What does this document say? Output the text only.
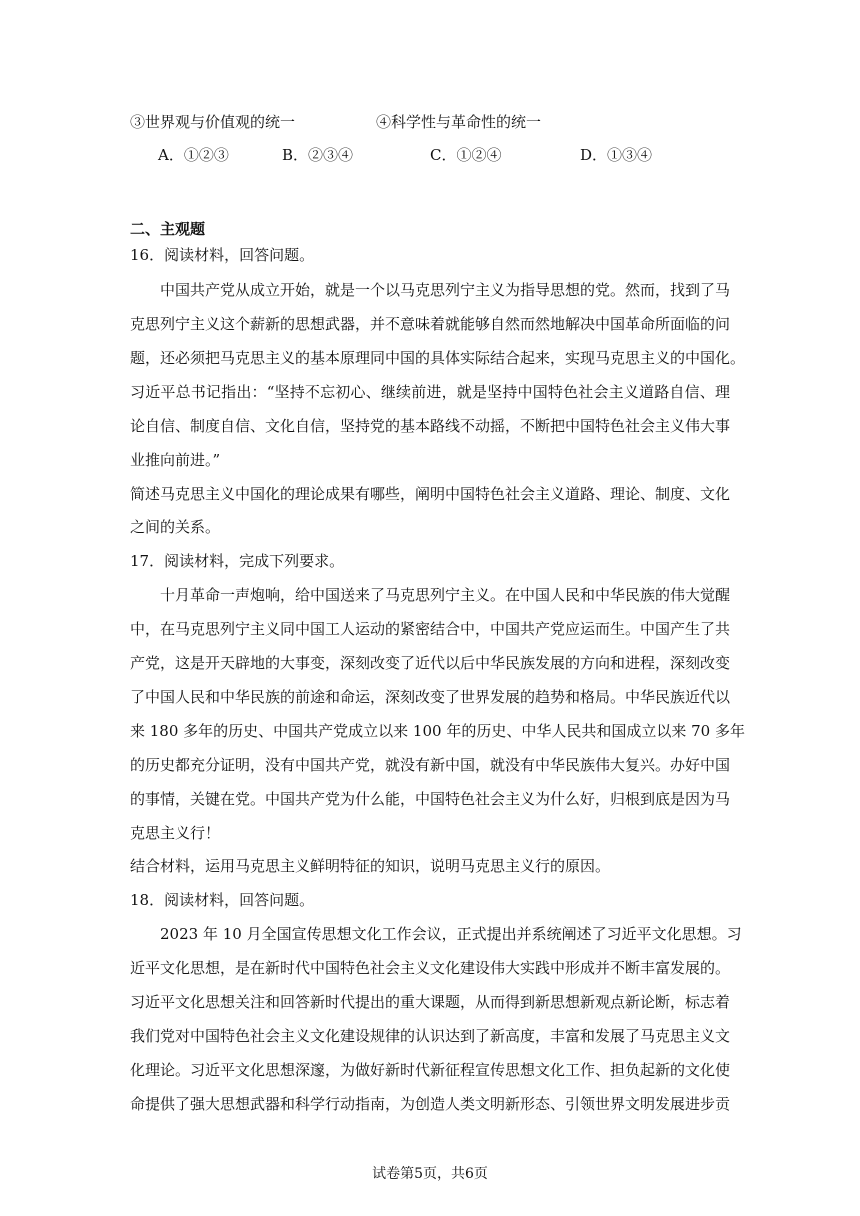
③世界观与价值观的统一	④科学性与革命性的统一
A．①②③	B．②③④	C．①②④	D．①③④
二、主观题
16．阅读材料，回答问题。
中国共产党从成立开始，就是一个以马克思列宁主义为指导思想的党。然而，找到了马
克思列宁主义这个薪新的思想武器，并不意味着就能够自然而然地解决中国革命所面临的问
题，还必须把马克思主义的基本原理同中国的具体实际结合起来，实现马克思主义的中国化。
习近平总书记指出：“坚持不忘初心、继续前进，就是坚持中国特色社会主义道路自信、理
论自信、制度自信、文化自信，坚持党的基本路线不动摇，不断把中国特色社会主义伟大事
业推向前进。”
简述马克思主义中国化的理论成果有哪些，阐明中国特色社会主义道路、理论、制度、文化
之间的关系。
17．阅读材料，完成下列要求。
十月革命一声炮响，给中国送来了马克思列宁主义。在中国人民和中华民族的伟大觉醒
中，在马克思列宁主义同中国工人运动的紧密结合中，中国共产党应运而生。中国产生了共
产党，这是开天辟地的大事变，深刻改变了近代以后中华民族发展的方向和进程，深刻改变
了中国人民和中华民族的前途和命运，深刻改变了世界发展的趋势和格局。中华民族近代以
来 180 多年的历史、中国共产党成立以来 100 年的历史、中华人民共和国成立以来 70 多年
的历史都充分证明，没有中国共产党，就没有新中国，就没有中华民族伟大复兴。办好中国
的事情，关键在党。中国共产党为什么能，中国特色社会主义为什么好，归根到底是因为马
克思主义行！
结合材料，运用马克思主义鲜明特征的知识，说明马克思主义行的原因。
18．阅读材料，回答问题。
2023 年 10 月全国宣传思想文化工作会议，正式提出并系统阐述了习近平文化思想。习
近平文化思想，是在新时代中国特色社会主义文化建设伟大实践中形成并不断丰富发展的。
习近平文化思想关注和回答新时代提出的重大课题，从而得到新思想新观点新论断，标志着
我们党对中国特色社会主义文化建设规律的认识达到了新高度，丰富和发展了马克思主义文
化理论。习近平文化思想深邃，为做好新时代新征程宣传思想文化工作、担负起新的文化使
命提供了强大思想武器和科学行动指南，为创造人类文明新形态、引领世界文明发展进步贡
试卷第5页，共6页
